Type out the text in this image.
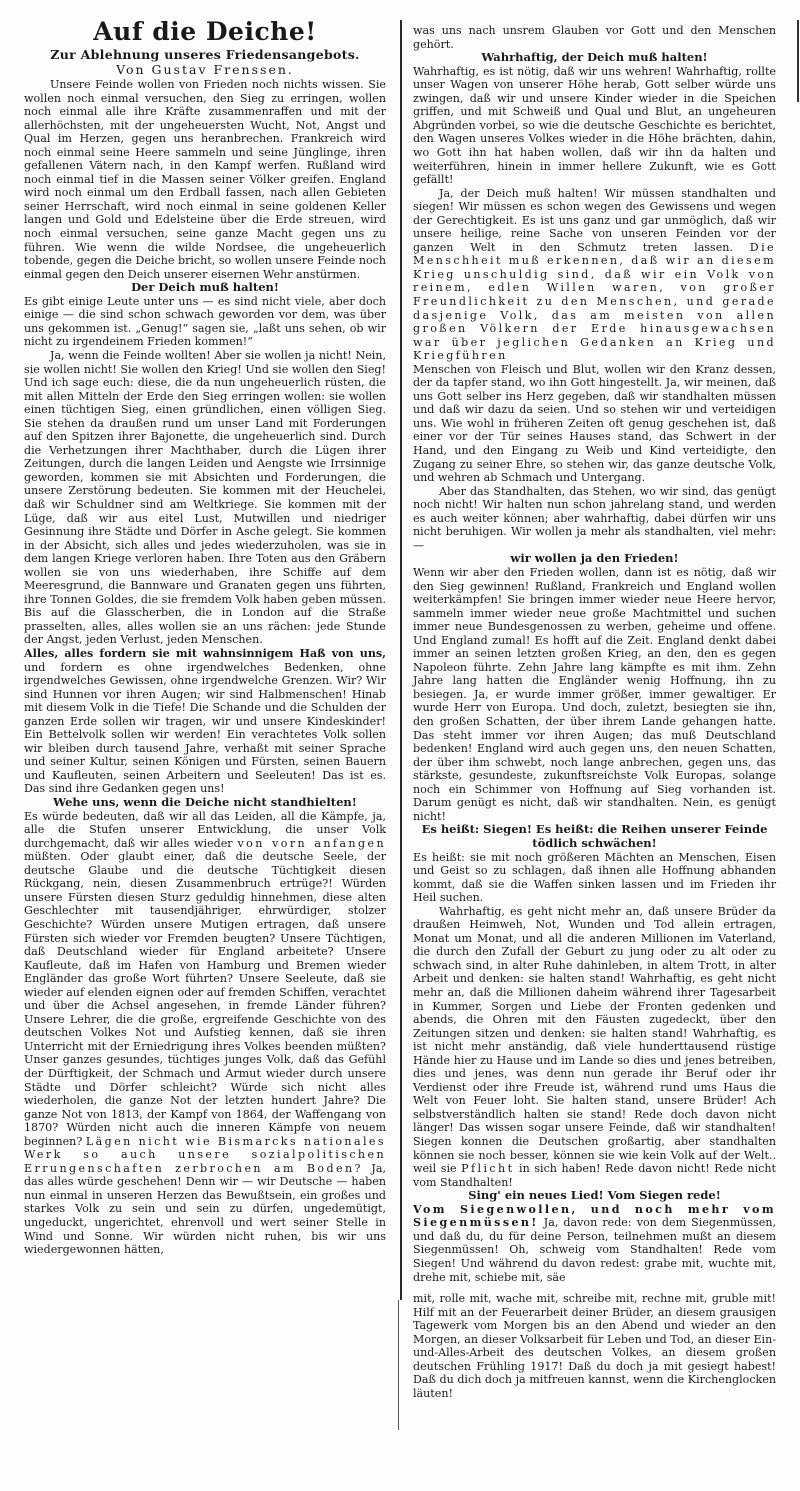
Auf die Deiche!
Zur Ablehnung unseres Friedensangebots.
Von Gustav Frenssen.

Unsere Feinde wollen von Frieden noch nichts wissen. Sie wollen noch einmal versuchen, den Sieg zu erringen, wollen noch einmal alle ihre Kräfte zusammenraffen und mit der allerhöchsten, mit der ungeheuersten Wucht, Not, Angst und Qual im Herzen, gegen uns heranbrechen. Frankreich wird noch einmal seine Heere sammeln und seine Jünglinge, ihren gefallenen Vätern nach, in den Kampf werfen. Rußland wird noch einmal tief in die Massen seiner Völker greifen. England wird noch einmal um den Erdball fassen, nach allen Gebieten seiner Herrschaft, wird noch einmal in seine goldenen Keller langen und Gold und Edelsteine über die Erde streuen, wird noch einmal versuchen, seine ganze Macht gegen uns zu führen. Wie wenn die wilde Nordsee, die ungeheuerlich tobende, gegen die Deiche bricht, so wollen unsere Feinde noch einmal gegen den Deich unserer eisernen Wehr anstürmen.

Der Deich muß halten!

Es gibt einige Leute unter uns — es sind nicht viele, aber doch einige — die sind schon schwach geworden vor dem, was über uns gekommen ist. „Genug!“ sagen sie, „laßt uns sehen, ob wir nicht zu irgendeinem Frieden kommen!“

Ja, wenn die Feinde wollten! Aber sie wollen ja nicht! Nein, sie wollen nicht! Sie wollen den Krieg! Und sie wollen den Sieg! Und ich sage euch: diese, die da nun ungeheuerlich rüsten, die mit allen Mitteln der Erde den Sieg erringen wollen: sie wollen einen tüchtigen Sieg, einen gründlichen, einen völligen Sieg. Sie stehen da draußen rund um unser Land mit Forderungen auf den Spitzen ihrer Bajonette, die ungeheuerlich sind. Durch die Verhetzungen ihrer Machthaber, durch die Lügen ihrer Zeitungen, durch die langen Leiden und Aengste wie Irrsinnige geworden, kommen sie mit Absichten und Forderungen, die unsere Zerstörung bedeuten. Sie kommen mit der Heuchelei, daß wir Schuldner sind am Weltkriege. Sie kommen mit der Lüge, daß wir aus eitel Lust, Mutwillen und niedriger Gesinnung ihre Städte und Dörfer in Asche gelegt. Sie kommen in der Absicht, sich alles und jedes wiederzuholen, was sie in dem langen Kriege verloren haben. Ihre Toten aus den Gräbern wollen sie von uns wiederhaben, ihre Schiffe auf dem Meeresgrund, die Bannware und Granaten gegen uns führten, ihre Tonnen Goldes, die sie fremdem Volk haben geben müssen. Bis auf die Glasscherben, die in London auf die Straße prasselten, alles, alles wollen sie an uns rächen: jede Stunde der Angst, jeden Verlust, jeden Menschen.

Alles, alles fordern sie mit wahnsinnigem Haß von uns, und fordern es ohne irgendwelches Bedenken, ohne irgendwelches Gewissen, ohne irgendwelche Grenzen. Wir? Wir sind Hunnen vor ihren Augen; wir sind Halbmenschen! Hinab mit diesem Volk in die Tiefe! Die Schande und die Schulden der ganzen Erde sollen wir tragen, wir und unsere Kindeskinder! Ein Bettelvolk sollen wir werden! Ein verachtetes Volk sollen wir bleiben durch tausend Jahre, verhaßt mit seiner Sprache und seiner Kultur, seinen Königen und Fürsten, seinen Bauern und Kaufleuten, seinen Arbeitern und Seeleuten! Das ist es. Das sind ihre Gedanken gegen uns!

Wehe uns, wenn die Deiche nicht standhielten!

Es würde bedeuten, daß wir all das Leiden, all die Kämpfe, ja, alle die Stufen unserer Entwicklung, die unser Volk durchgemacht, daß wir alles wieder von vorn anfangen müßten. Oder glaubt einer, daß die deutsche Seele, der deutsche Glaube und die deutsche Tüchtigkeit diesen Rückgang, nein, diesen Zusammenbruch ertrüge?! Würden unsere Fürsten diesen Sturz geduldig hinnehmen, diese alten Geschlechter mit tausendjähriger, ehrwürdiger, stolzer Geschichte? Würden unsere Mutigen ertragen, daß unsere Fürsten sich wieder vor Fremden beugten? Unsere Tüchtigen, daß Deutschland wieder für England arbeitete? Unsere Kaufleute, daß im Hafen von Hamburg und Bremen wieder Engländer das große Wort führten? Unsere Seeleute, daß sie wieder auf elenden eignen oder auf fremden Schiffen, verachtet und über die Achsel angesehen, in fremde Länder führen? Unsere Lehrer, die die große, ergreifende Geschichte von des deutschen Volkes Not und Aufstieg kennen, daß sie ihren Unterricht mit der Erniedrigung ihres Volkes beenden müßten? Unser ganzes gesundes, tüchtiges junges Volk, daß das Gefühl der Dürftigkeit, der Schmach und Armut wieder durch unsere Städte und Dörfer schleicht? Würde sich nicht alles wiederholen, die ganze Not der letzten hundert Jahre? Die ganze Not von 1813, der Kampf von 1864, der Waffengang von 1870? Würden nicht auch die inneren Kämpfe von neuem beginnen? Lägen nicht wie Bismarcks nationales Werk so auch unsere sozialpolitischen Errungenschaften zerbrochen am Boden? Ja, das alles würde geschehen! Denn wir — wir Deutsche — haben nun einmal in unseren Herzen das Bewußtsein, ein großes und starkes Volk zu sein und sein zu dürfen, ungedemütigt, ungeduckt, ungerichtet, ehrenvoll und wert seiner Stelle in Wind und Sonne. Wir würden nicht ruhen, bis wir uns wiedergewonnen hätten,

was uns nach unsrem Glauben vor Gott und den Menschen gehört.

Wahrhaftig, der Deich muß halten!

Wahrhaftig, es ist nötig, daß wir uns wehren! Wahrhaftig, rollte unser Wagen von unserer Höhe herab, Gott selber würde uns zwingen, daß wir und unsere Kinder wieder in die Speichen griffen, und mit Schweiß und Qual und Blut, an ungeheuren Abgründen vorbei, so wie die deutsche Geschichte es berichtet, den Wagen unseres Volkes wieder in die Höhe brächten, dahin, wo Gott ihn hat haben wollen, daß wir ihn da halten und weiterführen, hinein in immer hellere Zukunft, wie es Gott gefällt!

Ja, der Deich muß halten! Wir müssen standhalten und siegen! Wir müssen es schon wegen des Gewissens und wegen der Gerechtigkeit. Es ist uns ganz und gar unmöglich, daß wir unsere heilige, reine Sache von unseren Feinden vor der ganzen Welt in den Schmutz treten lassen. Die Menschheit muß erkennen, daß wir an diesem Krieg unschuldig sind, daß wir ein Volk von reinem, edlen Willen waren, von großer Freundlichkeit zu den Menschen, und gerade dasjenige Volk, das am meisten von allen großen Völkern der Erde hinausgewachsen war über jeglichen Gedanken an Krieg und Kriegführen

Menschen von Fleisch und Blut, wollen wir den Kranz dessen, der da tapfer stand, wo ihn Gott hingestellt. Ja, wir meinen, daß uns Gott selber ins Herz gegeben, daß wir standhalten müssen und daß wir dazu da seien. Und so stehen wir und verteidigen uns. Wie wohl in früheren Zeiten oft genug geschehen ist, daß einer vor der Tür seines Hauses stand, das Schwert in der Hand, und den Eingang zu Weib und Kind verteidigte, den Zugang zu seiner Ehre, so stehen wir, das ganze deutsche Volk, und wehren ab Schmach und Untergang.

Aber das Standhalten, das Stehen, wo wir sind, das genügt noch nicht! Wir halten nun schon jahrelang stand, und werden es auch weiter können; aber wahrhaftig, dabei dürfen wir uns nicht beruhigen. Wir wollen ja mehr als standhalten, viel mehr: —

wir wollen ja den Frieden!

Wenn wir aber den Frieden wollen, dann ist es nötig, daß wir den Sieg gewinnen! Rußland, Frankreich und England wollen weiterkämpfen! Sie bringen immer wieder neue Heere hervor, sammeln immer wieder neue große Machtmittel und suchen immer neue Bundesgenossen zu werben, geheime und offene. Und England zumal! Es hofft auf die Zeit. England denkt dabei immer an seinen letzten großen Krieg, an den, den es gegen Napoleon führte. Zehn Jahre lang kämpfte es mit ihm. Zehn Jahre lang hatten die Engländer wenig Hoffnung, ihn zu besiegen. Ja, er wurde immer größer, immer gewaltiger. Er wurde Herr von Europa. Und doch, zuletzt, besiegten sie ihn, den großen Schatten, der über ihrem Lande gehangen hatte. Das steht immer vor ihren Augen; das muß Deutschland bedenken! England wird auch gegen uns, den neuen Schatten, der über ihm schwebt, noch lange anbrechen, gegen uns, das stärkste, gesundeste, zukunftsreichste Volk Europas, solange noch ein Schimmer von Hoffnung auf Sieg vorhanden ist. Darum genügt es nicht, daß wir standhalten. Nein, es genügt nicht!

Es heißt: Siegen! Es heißt: die Reihen unserer Feinde tödlich schwächen!

Es heißt: sie mit noch größeren Mächten an Menschen, Eisen und Geist so zu schlagen, daß ihnen alle Hoffnung abhanden kommt, daß sie die Waffen sinken lassen und im Frieden ihr Heil suchen.

Wahrhaftig, es geht nicht mehr an, daß unsere Brüder da draußen Heimweh, Not, Wunden und Tod allein ertragen, Monat um Monat, und all die anderen Millionen im Vaterland, die durch den Zufall der Geburt zu jung oder zu alt oder zu schwach sind, in alter Ruhe dahinleben, in altem Trott, in alter Arbeit und denken: sie halten stand! Wahrhaftig, es geht nicht mehr an, daß die Millionen daheim während ihrer Tagesarbeit in Kummer, Sorgen und Liebe der Fronten gedenken und abends, die Ohren mit den Fäusten zugedeckt, über den Zeitungen sitzen und denken: sie halten stand! Wahrhaftig, es ist nicht mehr anständig, daß viele hunderttausend rüstige Hände hier zu Hause und im Lande so dies und jenes betreiben, dies und jenes, was denn nun gerade ihr Beruf oder ihr Verdienst oder ihre Freude ist, während rund ums Haus die Welt von Feuer loht. Sie halten stand, unsere Brüder! Ach selbstverständlich halten sie stand! Rede doch davon nicht länger! Das wissen sogar unsere Feinde, daß wir standhalten! Siegen konnen die Deutschen großartig, aber standhalten können sie noch besser, können sie wie kein Volk auf der Welt.. weil sie Pflicht in sich haben! Rede davon nicht! Rede nicht vom Standhalten!

Sing' ein neues Lied! Vom Siegen rede!

Vom Siegenwollen, und noch mehr vom Siegenmüssen! Ja, davon rede: von dem Siegenmüssen, und daß du, du für deine Person, teilnehmen mußt an diesem Siegenmüssen! Oh, schweig vom Standhalten! Rede vom Siegen! Und während du davon redest: grabe mit, wuchte mit, drehe mit, schiebe mit, säe

mit, rolle mit, wache mit, schreibe mit, rechne mit, gruble mit! Hilf mit an der Feuerarbeit deiner Brüder, an diesem grausigen Tagewerk vom Morgen bis an den Abend und wieder an den Morgen, an dieser Volksarbeit für Leben und Tod, an dieser Ein-und-Alles-Arbeit des deutschen Volkes, an diesem großen deutschen Frühling 1917! Daß du doch ja mit gesiegt habest! Daß du dich doch ja mitfreuen kannst, wenn die Kirchenglocken läuten!
